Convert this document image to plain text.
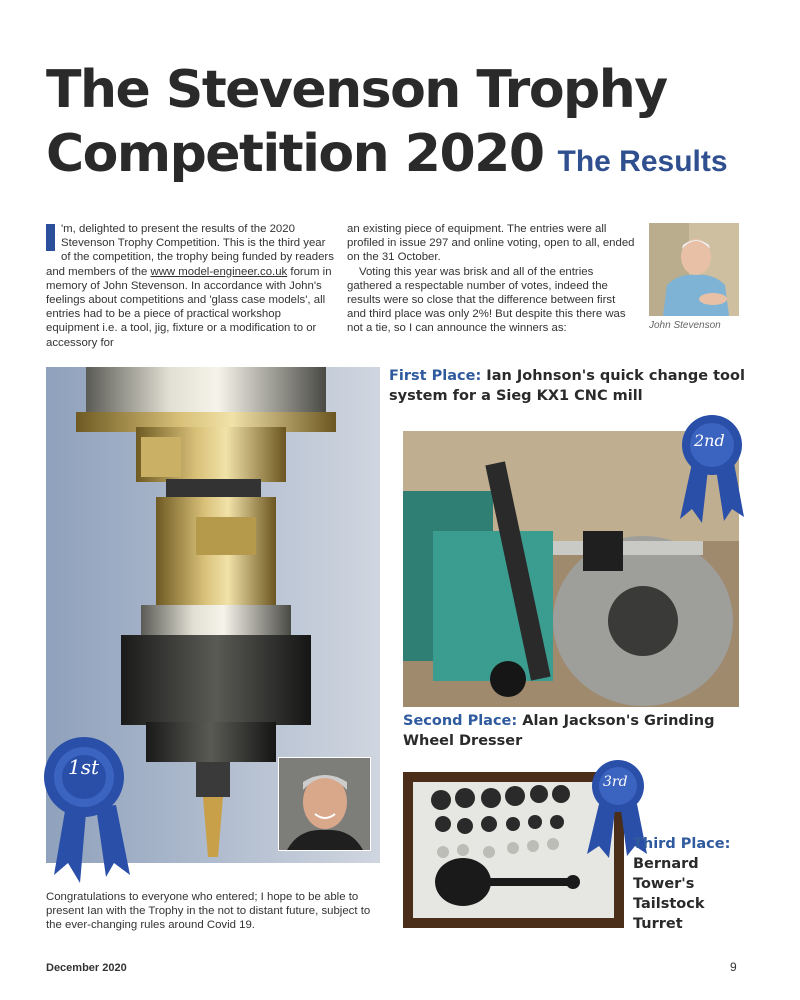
The Stevenson Trophy
Competition 2020 The Results

'm, delighted to present the results of the 2020 Stevenson Trophy Competition. This is the third year of the competition, the trophy being funded by readers and members of the www model-engineer.co.uk forum in memory of John Stevenson. In accordance with John's feelings about competitions and 'glass case models', all entries had to be a piece of practical workshop equipment i.e. a tool, jig, fixture or a modification to or accessory for

an existing piece of equipment. The entries were all profiled in issue 297 and online voting, open to all, ended on the 31 October.
Voting this year was brisk and all of the entries gathered a respectable number of votes, indeed the results were so close that the difference between first and third place was only 2%! But despite this there was not a tie, so I can announce the winners as:	John Stevenson
1st

First Place: Ian Johnson's quick change tool system for a Sieg KX1 CNC mill

2nd

Second Place: Alan Jackson's Grinding Wheel Dresser

3rd
Third Place:
Bernard
Tower's
Tailstock
Turret

Congratulations to everyone who entered; I hope to be able to present Ian with the Trophy in the not to distant future, subject to the ever-changing rules around Covid 19.

December 2020	9
